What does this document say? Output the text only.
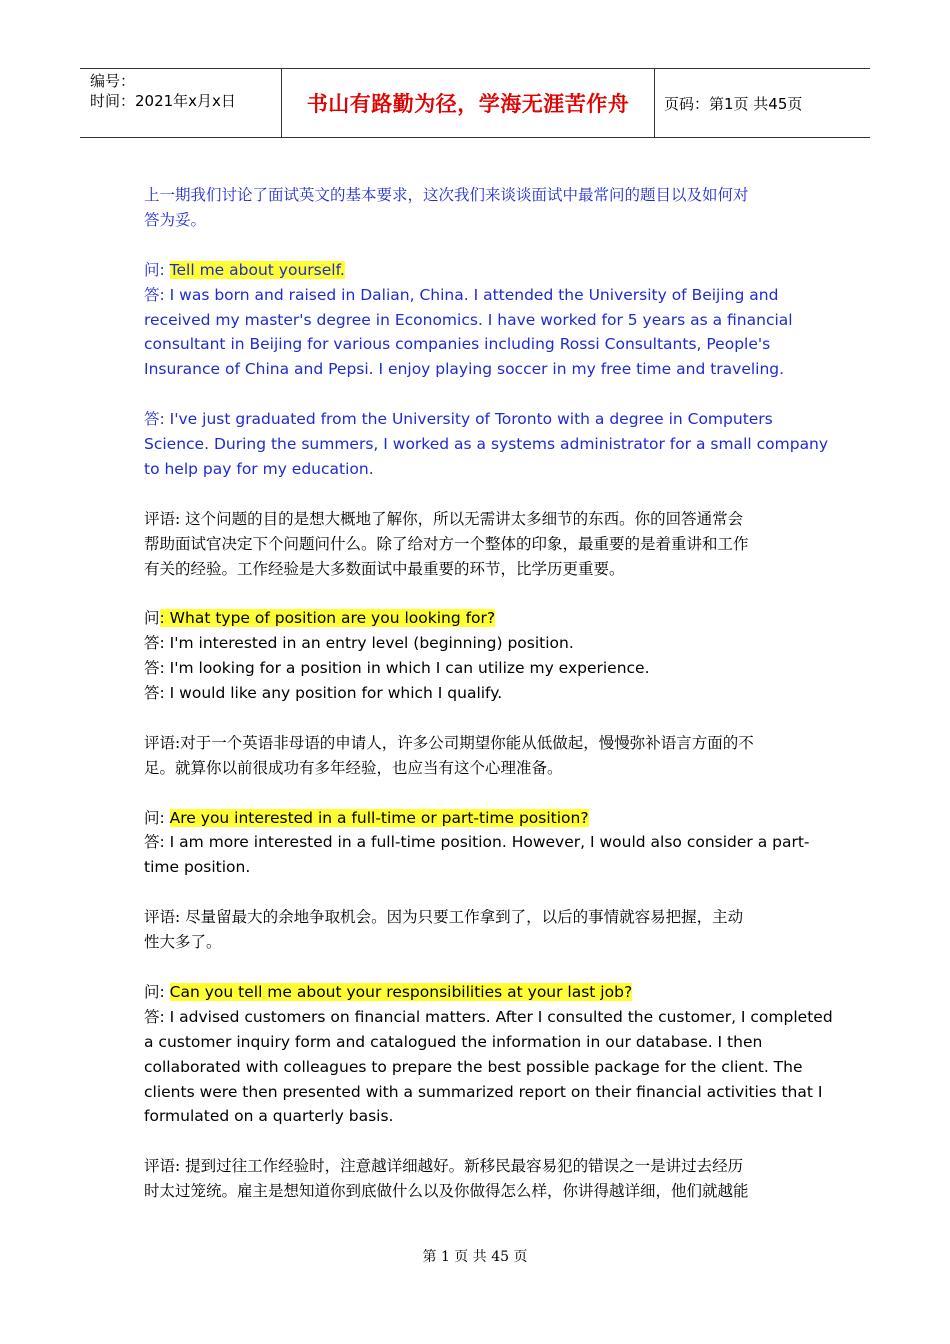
编号：
时间：2021年x月x日	书山有路勤为径，学海无涯苦作舟	页码：第1页 共45页
上一期我们讨论了面试英文的基本要求，这次我们来谈谈面试中最常问的题目以及如何对
答为妥。
问: Tell me about yourself.
答: I was born and raised in Dalian, China. I attended the University of Beijing and
received my master's degree in Economics. I have worked for 5 years as a financial
consultant in Beijing for various companies including Rossi Consultants, People's
Insurance of China and Pepsi. I enjoy playing soccer in my free time and traveling.
答: I've just graduated from the University of Toronto with a degree in Computers
Science. During the summers, I worked as a systems administrator for a small company
to help pay for my education.
评语: 这个问题的目的是想大概地了解你，所以无需讲太多细节的东西。你的回答通常会
帮助面试官决定下个问题问什么。除了给对方一个整体的印象，最重要的是着重讲和工作
有关的经验。工作经验是大多数面试中最重要的环节，比学历更重要。
问: What type of position are you looking for?
答: I'm interested in an entry level (beginning) position.
答: I'm looking for a position in which I can utilize my experience.
答: I would like any position for which I qualify.
评语:对于一个英语非母语的申请人，许多公司期望你能从低做起，慢慢弥补语言方面的不
足。就算你以前很成功有多年经验，也应当有这个心理准备。
问: Are you interested in a full-time or part-time position?
答: I am more interested in a full-time position. However, I would also consider a part-
time position.
评语: 尽量留最大的余地争取机会。因为只要工作拿到了，以后的事情就容易把握，主动
性大多了。
问: Can you tell me about your responsibilities at your last job?
答: I advised customers on financial matters. After I consulted the customer, I completed
a customer inquiry form and catalogued the information in our database. I then
collaborated with colleagues to prepare the best possible package for the client. The
clients were then presented with a summarized report on their financial activities that I
formulated on a quarterly basis.
评语: 提到过往工作经验时，注意越详细越好。新移民最容易犯的错误之一是讲过去经历
时太过笼统。雇主是想知道你到底做什么以及你做得怎么样，你讲得越详细，他们就越能
第 1 页 共 45 页
